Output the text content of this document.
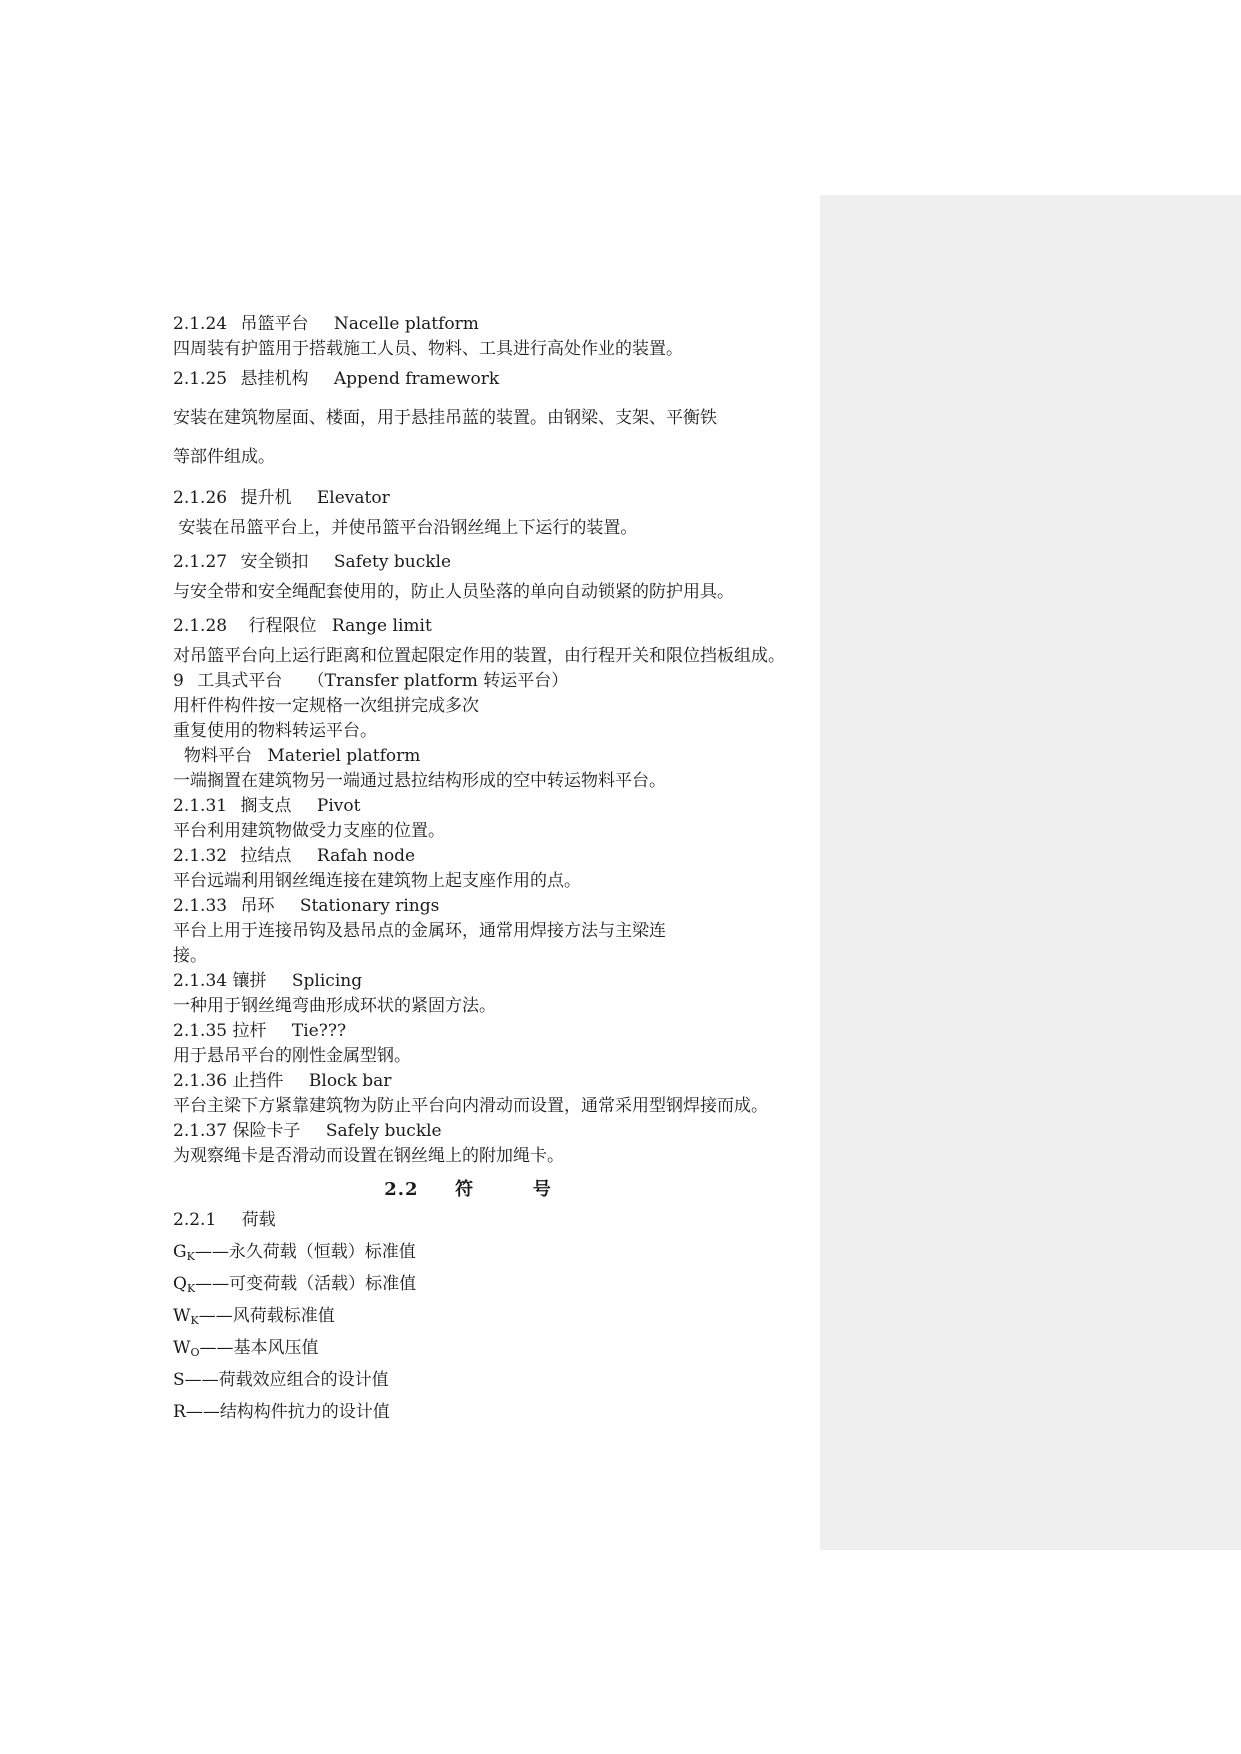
2.1.24 吊篮平台 Nacelle platform
四周装有护篮用于搭载施工人员、物料、工具进行高处作业的装置。
2.1.25 悬挂机构 Append framework
安装在建筑物屋面、楼面，用于悬挂吊蓝的装置。由钢梁、支架、平衡铁
等部件组成。
2.1.26 提升机 Elevator
安装在吊篮平台上，并使吊篮平台沿钢丝绳上下运行的装置。
2.1.27 安全锁扣 Safety buckle
与安全带和安全绳配套使用的，防止人员坠落的单向自动锁紧的防护用具。
2.1.28 行程限位 Range limit
对吊篮平台向上运行距离和位置起限定作用的装置，由行程开关和限位挡板组成。
9 工具式平台 （Transfer platform 转运平台）
用杆件构件按一定规格一次组拼完成多次
重复使用的物料转运平台。
物料平台 Materiel platform
一端搁置在建筑物另一端通过悬拉结构形成的空中转运物料平台。
2.1.31 搁支点 Pivot
平台利用建筑物做受力支座的位置。
2.1.32 拉结点 Rafah node
平台远端利用钢丝绳连接在建筑物上起支座作用的点。
2.1.33 吊环 Stationary rings
平台上用于连接吊钩及悬吊点的金属环，通常用焊接方法与主梁连
接。
2.1.34 镶拼 Splicing
一种用于钢丝绳弯曲形成环状的紧固方法。
2.1.35 拉杆 Tie???
用于悬吊平台的刚性金属型钢。
2.1.36 止挡件 Block bar
平台主梁下方紧靠建筑物为防止平台向内滑动而设置，通常采用型钢焊接而成。
2.1.37 保险卡子 Safely buckle
为观察绳卡是否滑动而设置在钢丝绳上的附加绳卡。
2.2 符	号
2.2.1 荷载
$G_K——$永久荷载（恒载）标准值
$Q_K——$可变荷载（活载）标准值
$W_K——$风荷载标准值
$W_O——$基本风压值
S——荷载效应组合的设计值
R——结构构件抗力的设计值
